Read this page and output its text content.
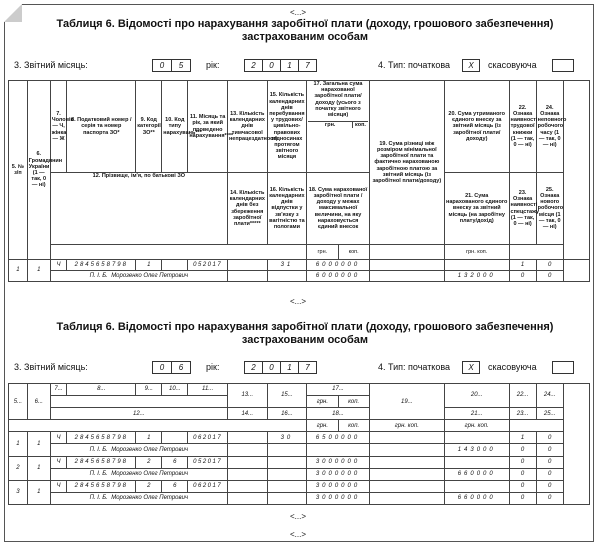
<...>
Таблиця 6. Відомості про нарахування заробітної плати (доходу, грошового забезпечення) застрахованим особам
3. Звітний місяць:	0	5	рік:	2	0	1	7	4. Тип: початкова	X	скасовуюча
5. № з/п	6. Громадянин України (1 — так, 0 — ні)	7. Чоловік — Ч, жінка — Ж	8. Податковий номер / серія та номер паспорта ЗО*	9. Код категорії ЗО**	10. Код типу нарахувань***	11. Місяць та рік, за який проведено нарахування****	13. Кількість календарних днів тимчасової непрацездатності	15. Кількість календарних днів перебування у трудових/цивільно-правових відносинах протягом звітного місяця	17. Загальна сума нарахованої заробітної плати/доходу (усього з початку звітного місяця)
грн. коп.		19. Сума різниці між розміром мінімальної заробітної плати та фактично нарахованою заробітною платою за звітний місяць (із заробітної плати/доходу)	20. Сума утриманого єдиного внеску за звітний місяць (із заробітної плати/доходу)	22. Ознака наявності трудової книжки (1 — так, 0 — ні)	24. Ознака неповного робочого часу (1 — так, 0 — ні)	
		12. Прізвище, ім'я, по батькові ЗО					14. Кількість календарних днів без збереження заробітної плати*****	16. Кількість календарних днів відпустки у зв'язку з вагітністю та пологами	18. Сума нарахованої заробітної плати / доходу у межах максимальної величини, на яку нараховується єдиний внесок			21. Сума нарахованого єдиного внеску за звітний місяць (на заробітну плату/дохід)	23. Ознака наявності спецстажу (1 — так, 0 — ні)	25. Ознака нового робочого місця (1 — так, 0 — ні)	
									грн.	коп.		грн. коп.			
1	1	Ч	2845658798	1		052017		31	6000000			1	0	
		П. І. Б. Морозенко Олег Петрович							6000000		132000	0	0	
<...>
Таблиця 6. Відомості про нарахування заробітної плати (доходу, грошового забезпечення) застрахованим особам
3. Звітний місяць:	0	6	рік:	2	0	1	7	4. Тип: початкова	X	скасовуюча
5...	6...	7...	8...	9...	10...	11...	13...	15...	17...		19...	20...	22...	24...	
									грн.	коп.					
		12...					14...	16...	18...			21...	23...	25...	
									грн.	коп.	грн. коп.	грн. коп.			
1	1	Ч	2845658798	1		062017		30	6500000				1	0	
		П. І. Б. Морозенко Олег Петрович										143000	0	0	
2	1	Ч	2845658798	2	6	052017			3000000				0	0	
		П. І. Б. Морозенко Олег Петрович							3000000			660000	0	0	
3	1	Ч	2845658798	2	6	062017			3000000				0	0	
		П. І. Б. Морозенко Олег Петрович							3000000			660000	0	0	
<...>
<...>
